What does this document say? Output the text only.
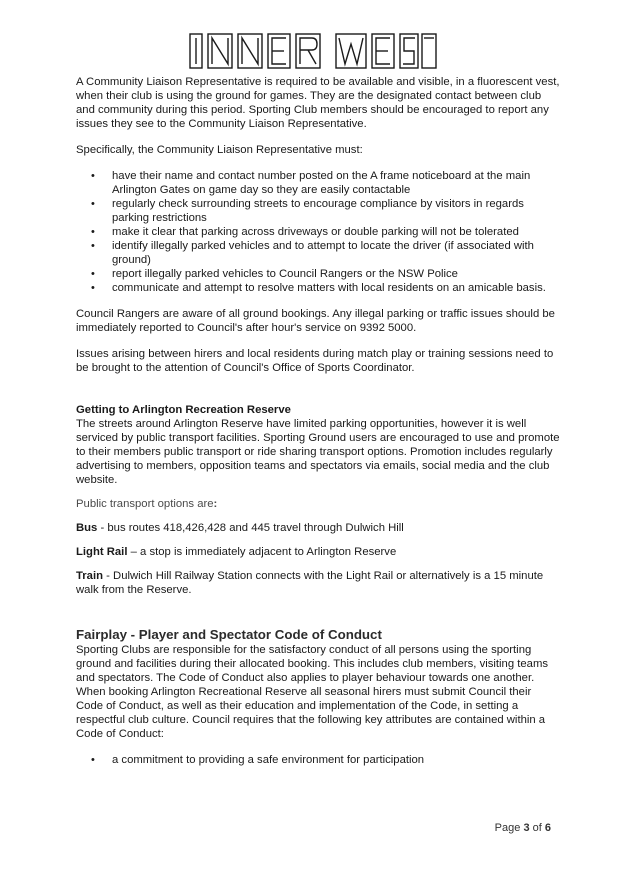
A Community Liaison Representative is required to be available and visible, in a fluorescent vest, when their club is using the ground for games. They are the designated contact between club and community during this period. Sporting Club members should be encouraged to report any issues they see to the Community Liaison Representative.

Specifically, the Community Liaison Representative must:

• have their name and contact number posted on the A frame noticeboard at the main Arlington Gates on game day so they are easily contactable
• regularly check surrounding streets to encourage compliance by visitors in regards parking restrictions
• make it clear that parking across driveways or double parking will not be tolerated
• identify illegally parked vehicles and to attempt to locate the driver (if associated with ground)
• report illegally parked vehicles to Council Rangers or the NSW Police
• communicate and attempt to resolve matters with local residents on an amicable basis.

Council Rangers are aware of all ground bookings. Any illegal parking or traffic issues should be immediately reported to Council's after hour's service on 9392 5000.

Issues arising between hirers and local residents during match play or training sessions need to be brought to the attention of Council's Office of Sports Coordinator.

Getting to Arlington Recreation Reserve

The streets around Arlington Reserve have limited parking opportunities, however it is well serviced by public transport facilities. Sporting Ground users are encouraged to use and promote to their members public transport or ride sharing transport options. Promotion includes regularly advertising to members, opposition teams and spectators via emails, social media and the club website.

Public transport options are:

Bus - bus routes 418,426,428 and 445 travel through Dulwich Hill

Light Rail – a stop is immediately adjacent to Arlington Reserve

Train - Dulwich Hill Railway Station connects with the Light Rail or alternatively is a 15 minute walk from the Reserve.

Fairplay - Player and Spectator Code of Conduct

Sporting Clubs are responsible for the satisfactory conduct of all persons using the sporting ground and facilities during their allocated booking. This includes club members, visiting teams and spectators. The Code of Conduct also applies to player behaviour towards one another. When booking Arlington Recreational Reserve all seasonal hirers must submit Council their Code of Conduct, as well as their education and implementation of the Code, in setting a respectful club culture. Council requires that the following key attributes are contained within a Code of Conduct:

• a commitment to providing a safe environment for participation
Page 3 of 6
